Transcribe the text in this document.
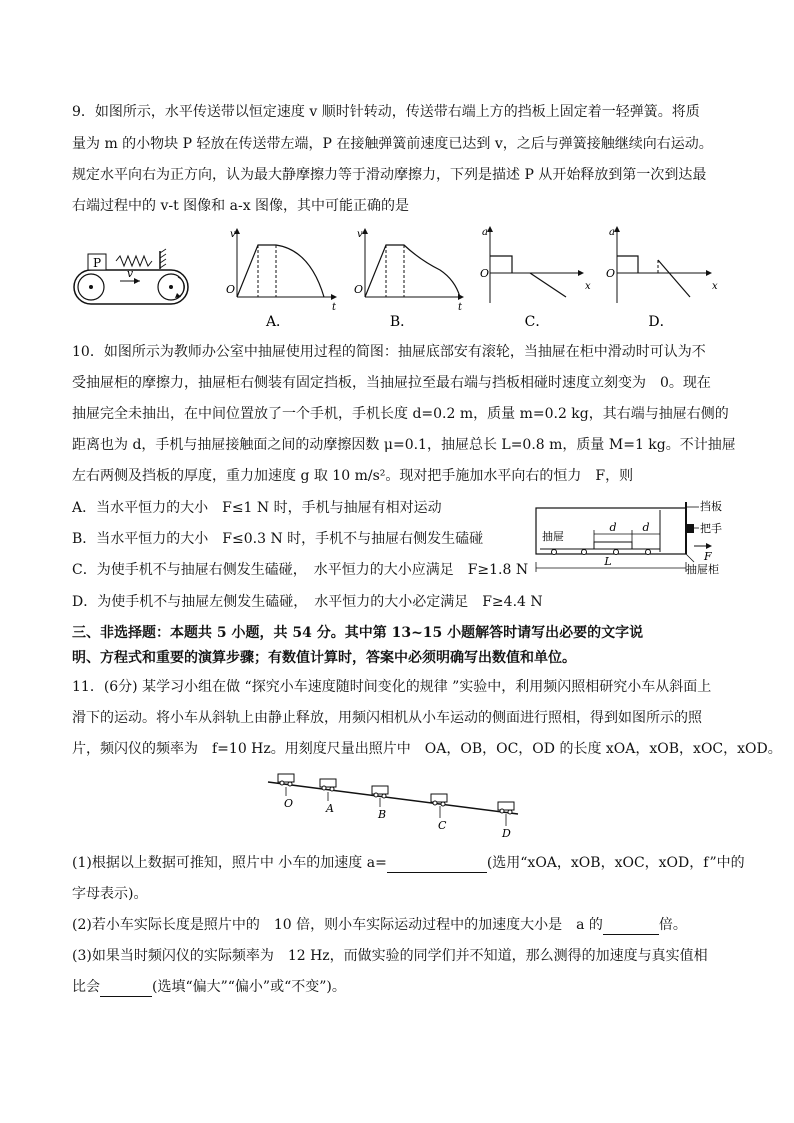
9．如图所示，水平传送带以恒定速度 v 顺时针转动，传送带右端上方的挡板上固定着一轻弹簧。将质
量为 m 的小物块 P 轻放在传送带左端，P 在接触弹簧前速度已达到 v，之后与弹簧接触继续向右运动。
规定水平向右为正方向，认为最大静摩擦力等于滑动摩擦力，下列是描述 P 从开始释放到第一次到达最
右端过程中的 v-t 图像和 a-x 图像，其中可能正确的是
P
v
v
t
O
v
t
O
a
x
O
a
x
O
A．	B．	C．	D．
10．如图所示为教师办公室中抽屉使用过程的简图：抽屉底部安有滚轮，当抽屉在柜中滑动时可认为不
受抽屉柜的摩擦力，抽屉柜右侧装有固定挡板，当抽屉拉至最右端与挡板相碰时速度立刻变为　0。现在
抽屉完全未抽出，在中间位置放了一个手机，手机长度 d=0.2 m，质量 m=0.2 kg，其右端与抽屉右侧的
距离也为 d，手机与抽屉接触面之间的动摩擦因数 μ=0.1，抽屉总长 L=0.8 m，质量 M=1 kg。不计抽屉
左右两侧及挡板的厚度，重力加速度 g 取 10 m/s²。现对把手施加水平向右的恒力　F，则
A．当水平恒力的大小　F≤1 N 时，手机与抽屉有相对运动
B．当水平恒力的大小　F≤0.3 N 时，手机不与抽屉右侧发生磕碰
C．为使手机不与抽屉右侧发生磕碰，　水平恒力的大小应满足　F≥1.8 N
D．为使手机不与抽屉左侧发生磕碰，　水平恒力的大小必定满足　F≥4.4 N
抽屉
d d
挡板
把手
F
抽屉柜
L
三、非选择题：本题共 5 小题，共 54 分。其中第 13~15 小题解答时请写出必要的文字说
明、方程式和重要的演算步骤；有数值计算时，答案中必须明确写出数值和单位。
11．(6分) 某学习小组在做 “探究小车速度随时间变化的规律 ”实验中，利用频闪照相研究小车从斜面上
滑下的运动。将小车从斜轨上由静止释放，用频闪相机从小车运动的侧面进行照相，得到如图所示的照
片，频闪仪的频率为　f=10 Hz。用刻度尺量出照片中　OA，OB，OC，OD 的长度 xOA，xOB，xOC，xOD。
O	A	B
C
D
(1)根据以上数据可推知，照片中 小车的加速度 a=	(选用“xOA，xOB，xOC，xOD，f”中的
字母表示)。
(2)若小车实际长度是照片中的　10 倍，则小车实际运动过程中的加速度大小是　a 的	倍。
(3)如果当时频闪仪的实际频率为　12 Hz，而做实验的同学们并不知道，那么测得的加速度与真实值相
比会	(选填“偏大”“偏小”或“不变”)。
